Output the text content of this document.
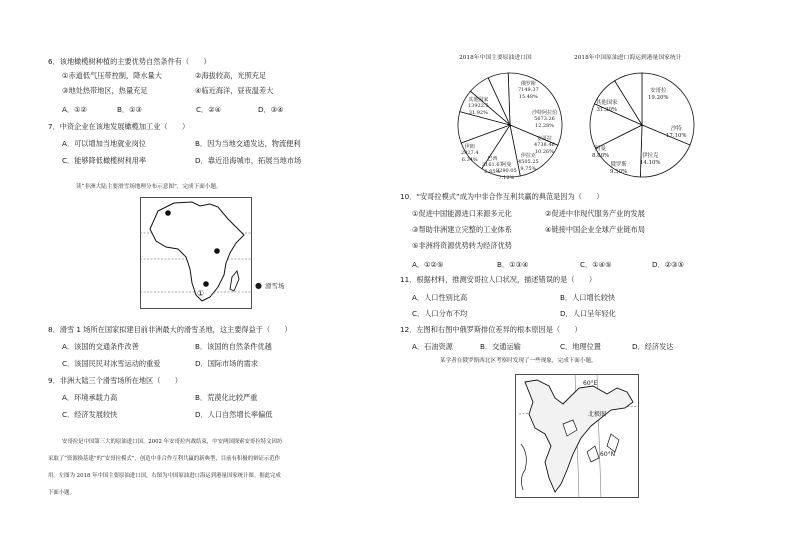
6．该地橄榄树种植的主要优势自然条件有（　　）
①赤道低气压带控制，降水量大	②海拔较高，光照充足
③地处热带地区，热量充足	④临近海洋，昼夜温差大
A．①②	B．①③	C．②④	D．③④
7．中资企业在该地发展橄榄加工业（　　）
A．可以增加当地就业岗位	B．因为当地交通发达，物流便利
C．能够降低橄榄树利用率	D．靠近沿海城市，拓展当地市场
读“非洲大陆主要滑雪场地理分布示意图”，完成下面小题。
①
● 滑雪场
8．滑雪 1 场所在国家拟建目前非洲最大的滑雪圣地，这主要得益于（　　）
A．该国的交通条件改善	B．该国的自然条件优越
C．该国民民对冰雪运动的重爱	D．国际市场的需求
9．非洲大陆三个滑雪场所在地区（　　）
A．环境承载力高	B．荒漠化比较严重
C．经济发展较快	D．人口自然增长率偏低
安哥拉是中国第三大的原油进口国。2002 年安哥拉内战结束，中安两国探索安哥拉特文因坊
采取了“资源换基建”的“安哥拉模式”，创造中非合作互利共赢的新典型，目前有积极的辩证示范作
用。左图为 2018 年中国主要原油进口国，右图为中国原油进口海运到港量国家统计图。据此完成
下面小题。
2018年中国主要原油进口国	2018年中国原油进口海运到港量国家统计
其他国家
13922.5
31.92%
俄罗斯
7149.37
15.48%
沙特阿拉伯
5673.26
12.28%
安哥拉
4738.46
10.26%
伊拉克
4505.25
9.75%
阿曼
3290.05
7.12%
巴西
3161.67
6.85%
伊朗
2927.4
6.34%
其他国家
31.30%
安哥拉
19.20%
沙特
17.10%
伊拉克
14.10%
俄罗斯
9.50%
阿曼
8.80%
10．“安哥拉模式”成为中非合作互利共赢的典范是因为（　　）
①促进中国能源进口来源多元化	②促进中非现代服务产业的发展
③帮助非洲建立完整的工业体系	④链接中国企业全球产业链布局
⑤非洲将资源优势转为经济优势
A．①②⑤	B．①③④	C．①④⑤	D．②③⑤
11．根据材料，推测安哥拉人口状况，描述错误的是（　　）
A．人口性别比高	B．人口增长较快
C．人口分布不均	D．人口呈年轻化
12．左图和右图中俄罗斯排位差异的根本原因是（　　）
A．石油资源	B．交通运输	C．地理位置	D．经济发达
某学者在俄罗斯西北区考察时发现了一些现象，完成下面小题。
60°E
北极圈
60°N
